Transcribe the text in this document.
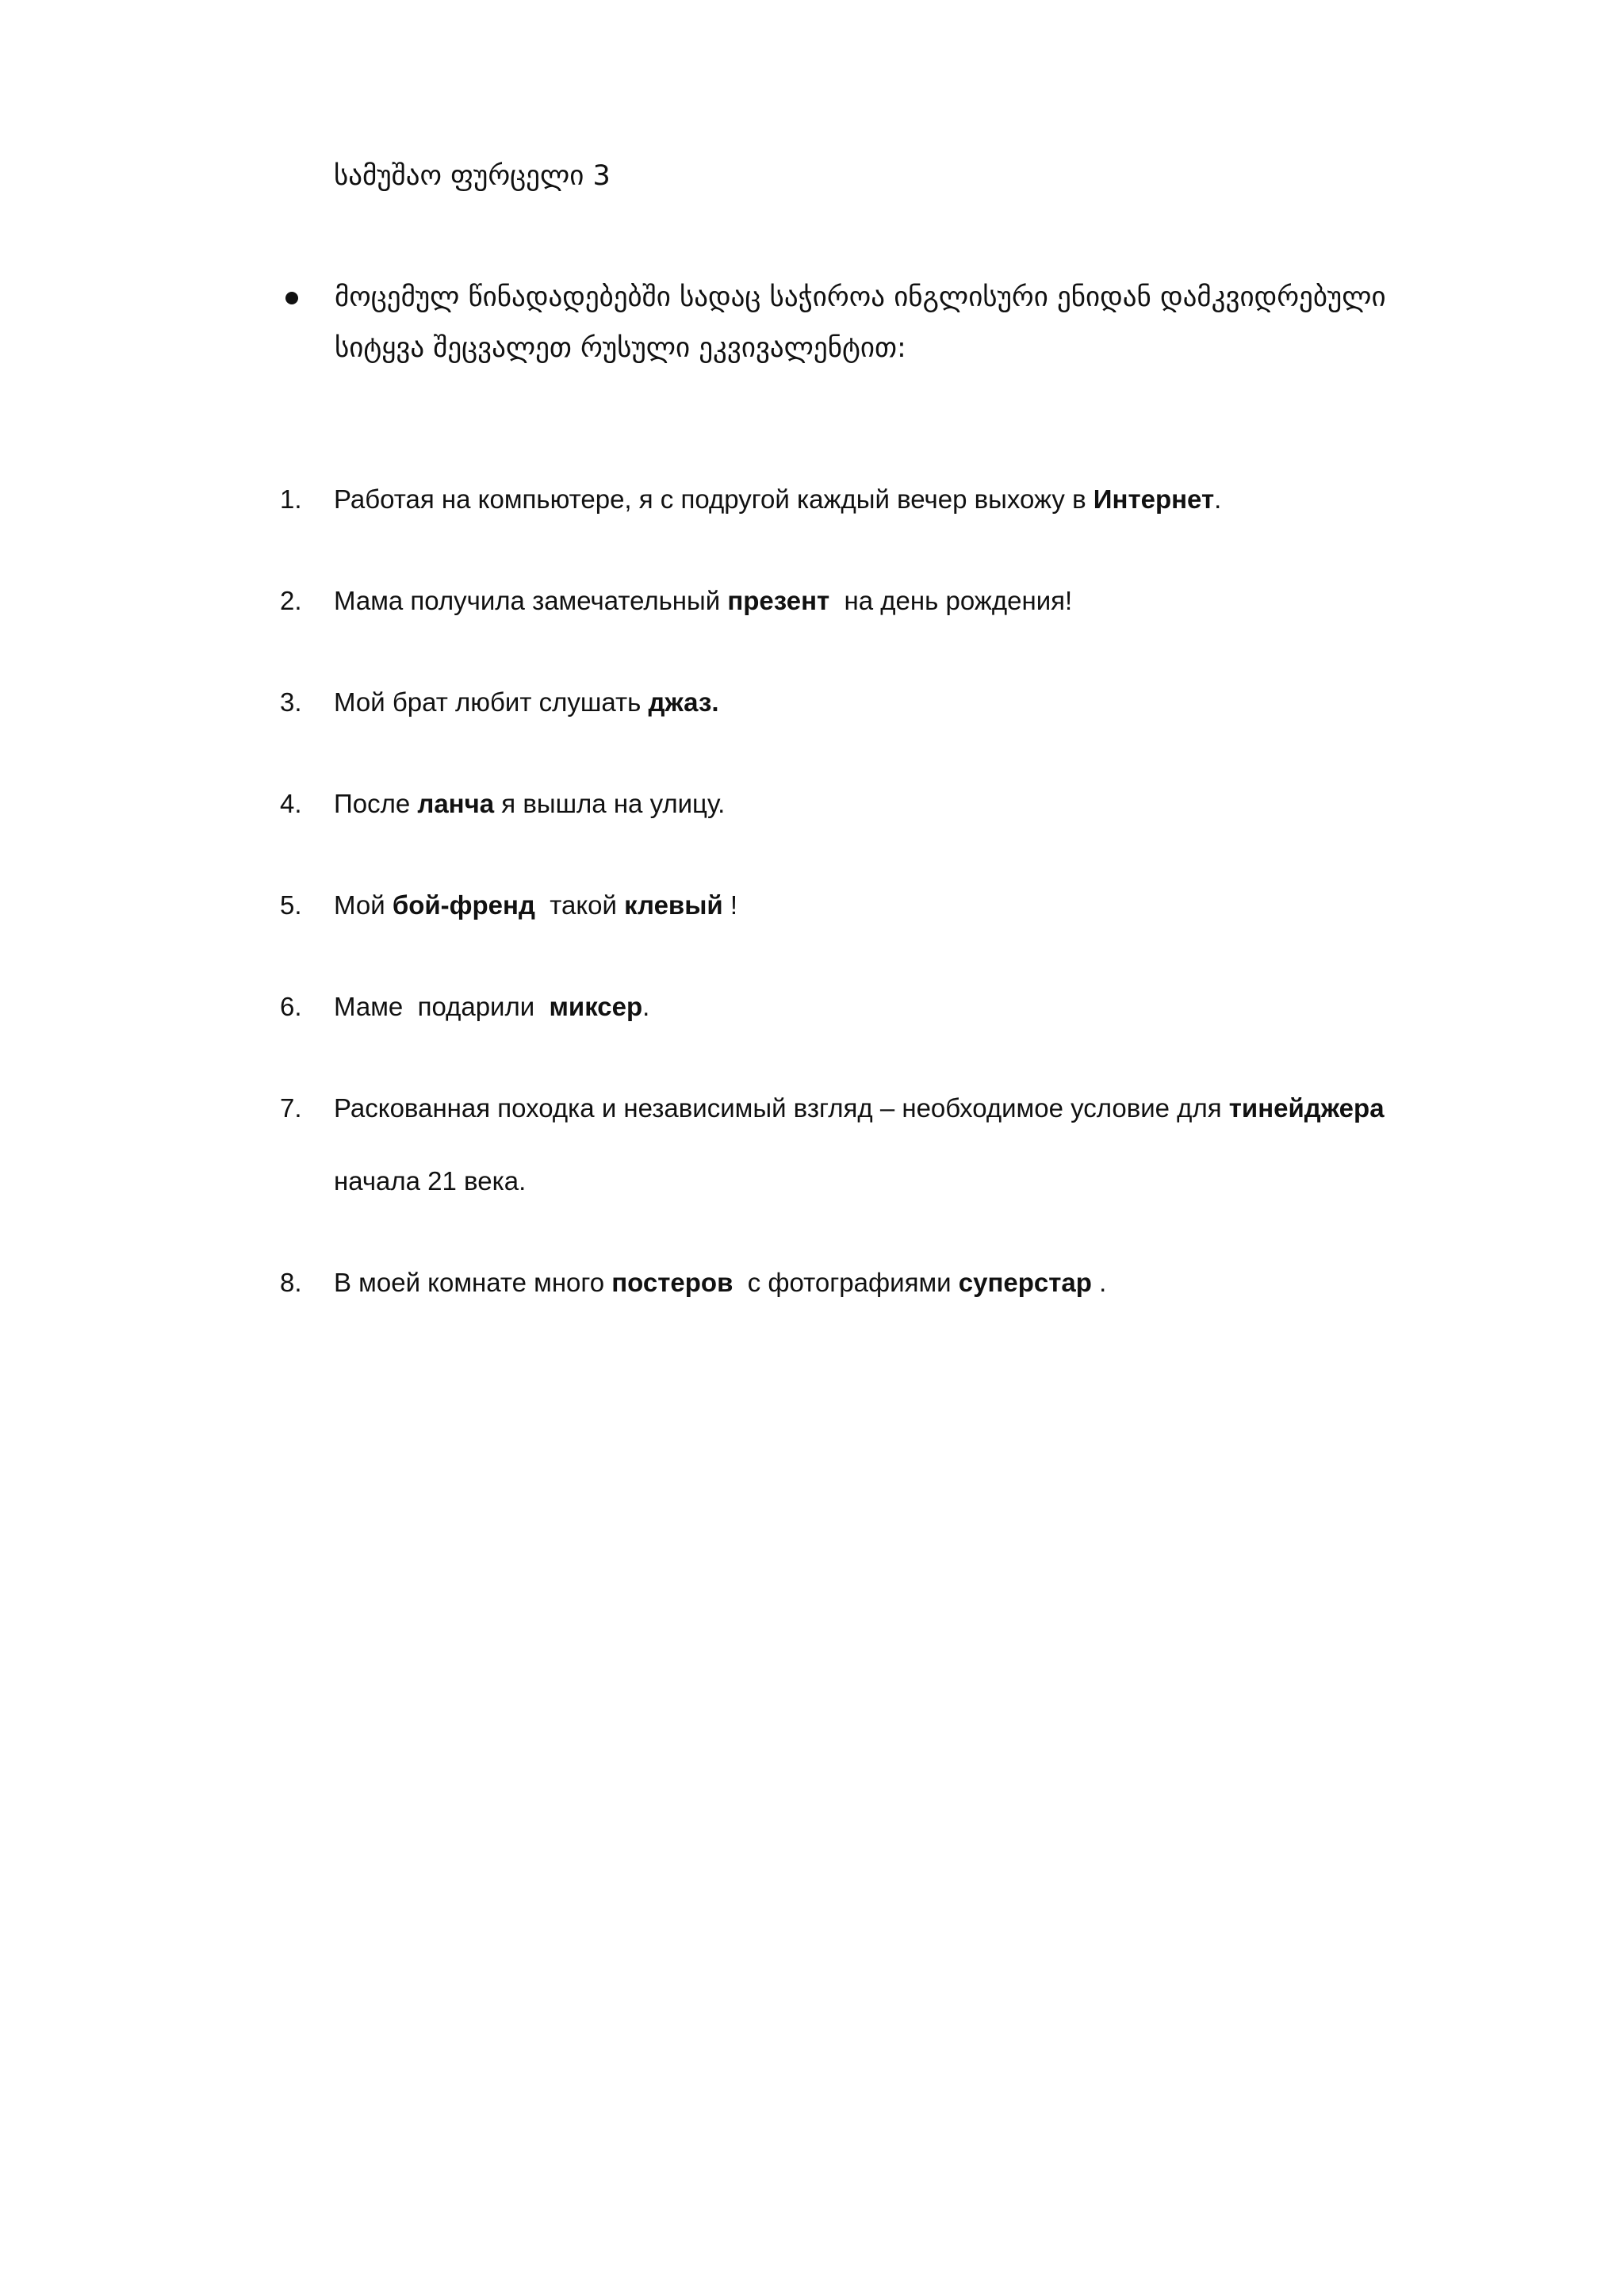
სამუშაო ფურცელი 3
მოცემულ წინადადებებში სადაც საჭიროა ინგლისური ენიდან დამკვიდრებული სიტყვა შეცვალეთ რუსული ეკვივალენტით:
1. Работая на компьютере, я с подругой каждый вечер выхожу в Интернет.
2. Мама получила замечательный презент  на день рождения!
3. Мой брат любит слушать джаз.
4. После ланча я вышла на улицу.
5. Мой бой-френд  такой клевый !
6. Маме  подарили  миксер.
7. Раскованная походка и независимый взгляд – необходимое условие для тинейджера
начала 21 века.
8. В моей комнате много постеров  с фотографиями суперстар .
